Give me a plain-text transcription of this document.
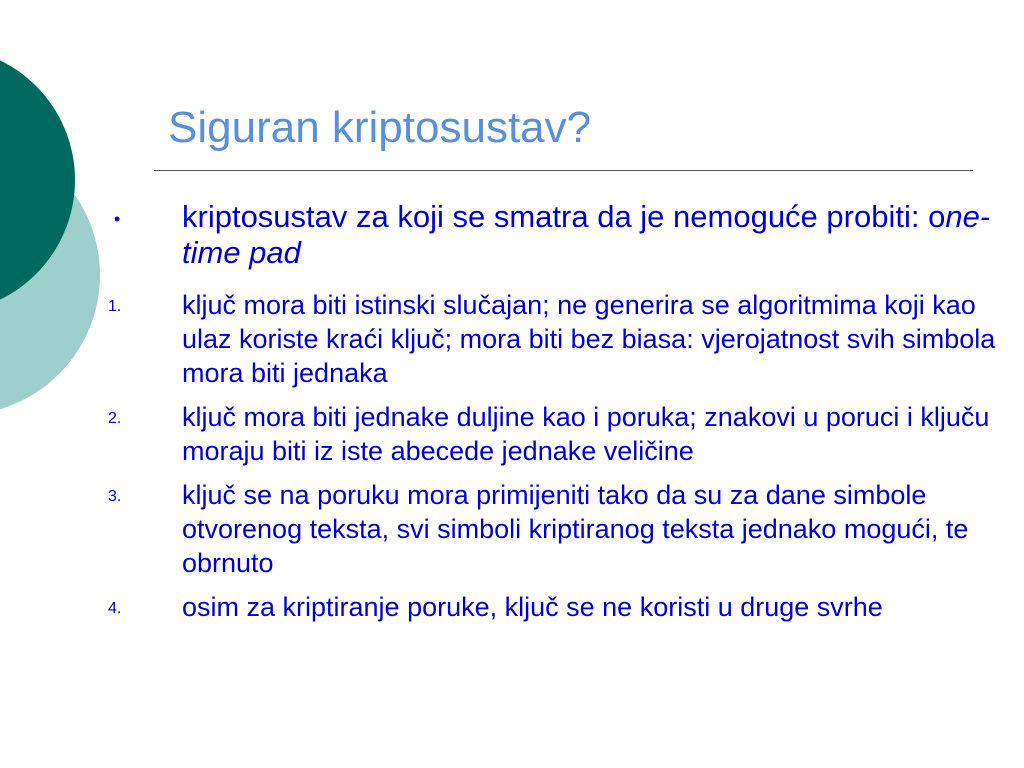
Siguran kriptosustav?
• kriptosustav za koji se smatra da je nemoguće probiti: one-time pad
1. ključ mora biti istinski slučajan; ne generira se algoritmima koji kao ulaz koriste kraći ključ; mora biti bez biasa: vjerojatnost svih simbola mora biti jednaka
2. ključ mora biti jednake duljine kao i poruka; znakovi u poruci i ključu moraju biti iz iste abecede jednake veličine
3. ključ se na poruku mora primijeniti tako da su za dane simbole otvorenog teksta, svi simboli kriptiranog teksta jednako mogući, te obrnuto
4. osim za kriptiranje poruke, ključ se ne koristi u druge svrhe
